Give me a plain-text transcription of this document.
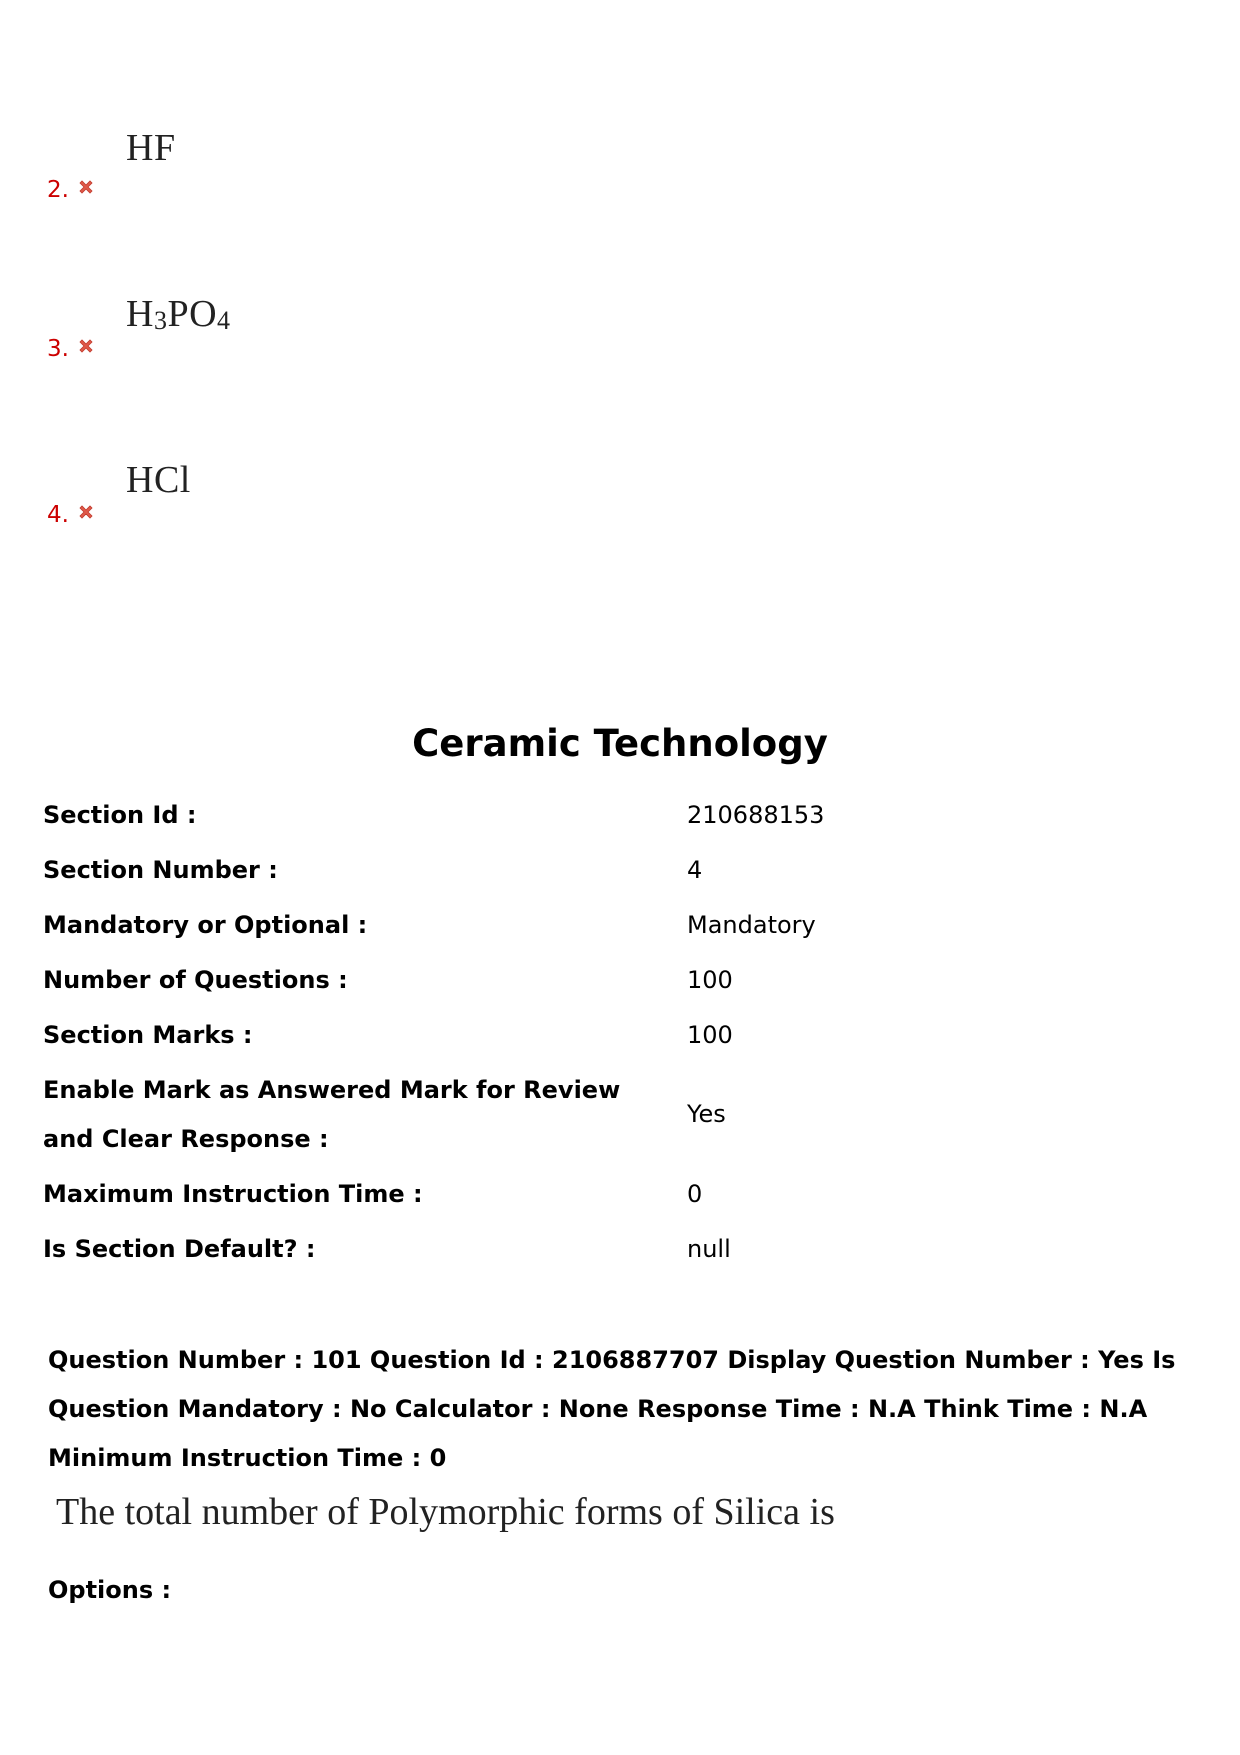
2.
HF
3.
$H_3PO_4$
4.
HCl
Ceramic Technology
Section Id :	210688153
Section Number :	4
Mandatory or Optional :	Mandatory
Number of Questions :	100
Section Marks :	100
Enable Mark as Answered Mark for Review and Clear Response :
Yes
Maximum Instruction Time :	0
Is Section Default? :	null
Question Number : 101 Question Id : 2106887707 Display Question Number : Yes Is Question Mandatory : No Calculator : None Response Time : N.A Think Time : N.A Minimum Instruction Time : 0
The total number of Polymorphic forms of Silica is
Options :
